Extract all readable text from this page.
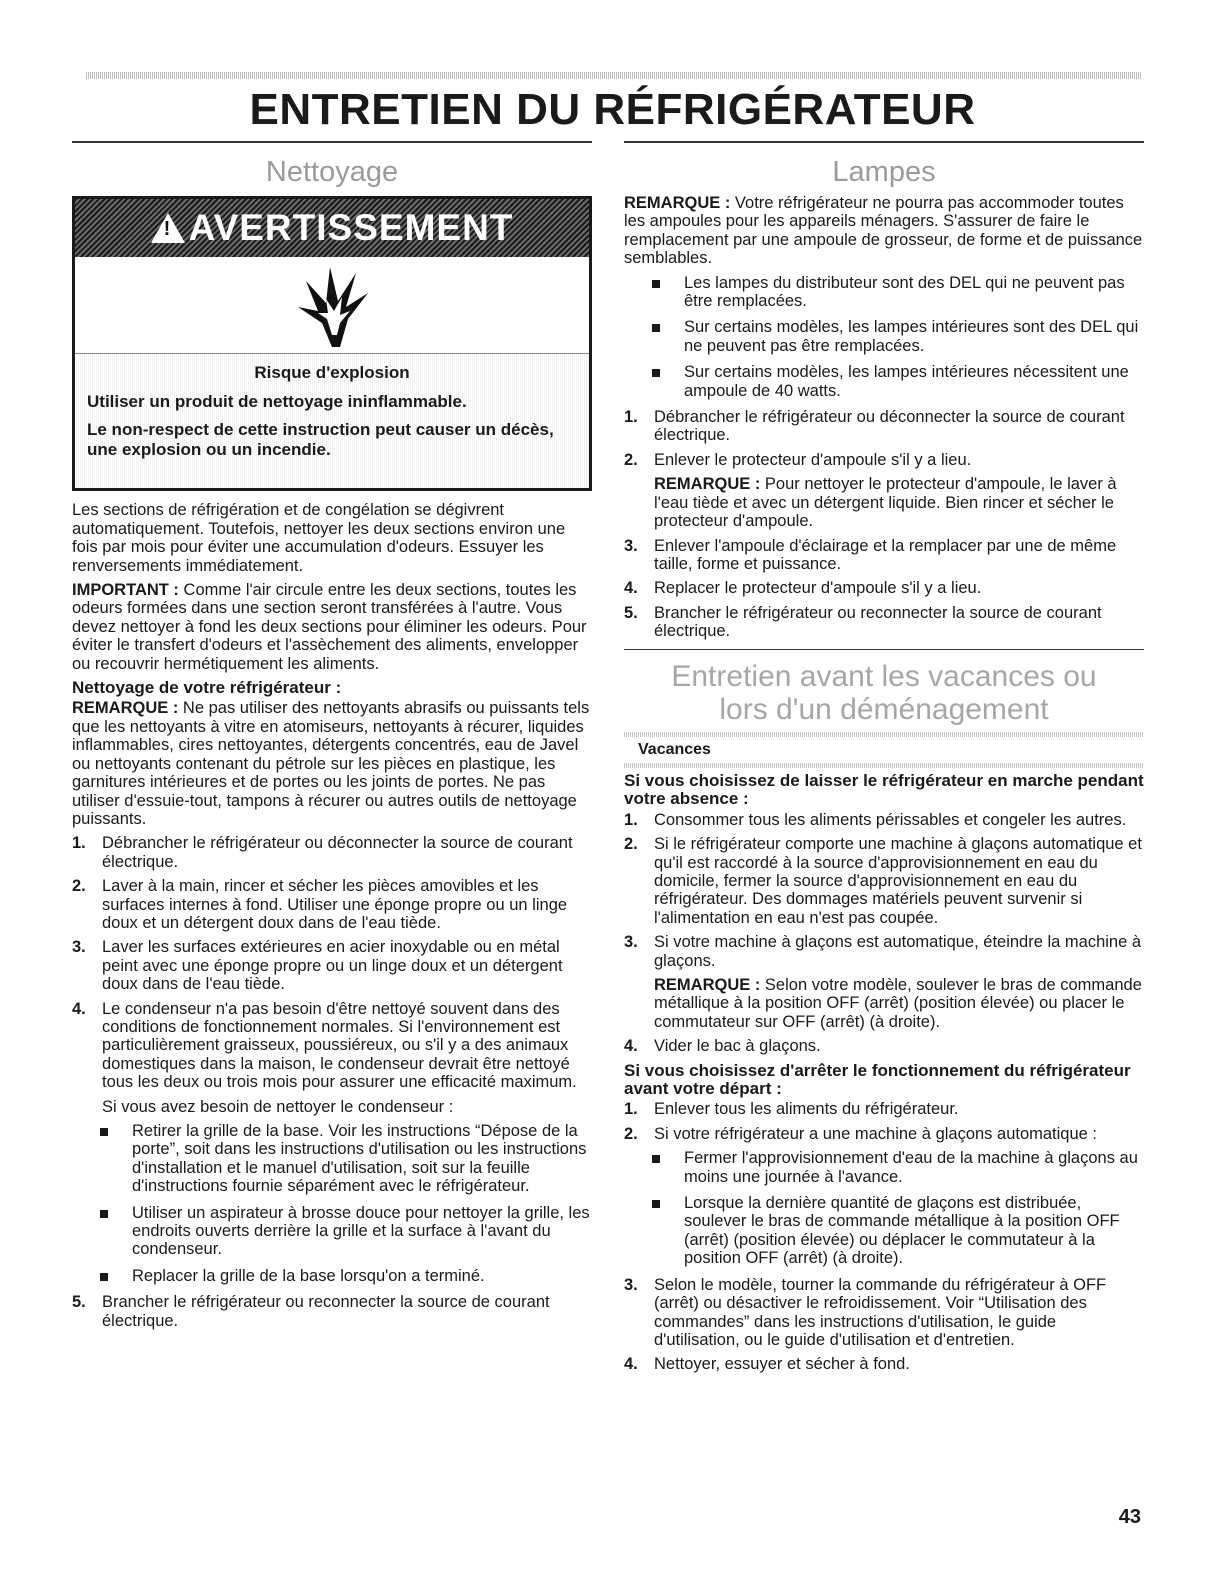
ENTRETIEN DU RÉFRIGÉRATEUR
Nettoyage
! AVERTISSEMENT
Risque d'explosion
Utiliser un produit de nettoyage ininflammable.
Le non-respect de cette instruction peut causer un décès, une explosion ou un incendie.

Les sections de réfrigération et de congélation se dégivrent automatiquement. Toutefois, nettoyer les deux sections environ une fois par mois pour éviter une accumulation d'odeurs. Essuyer les renversements immédiatement.

IMPORTANT : Comme l'air circule entre les deux sections, toutes les odeurs formées dans une section seront transférées à l'autre. Vous devez nettoyer à fond les deux sections pour éliminer les odeurs. Pour éviter le transfert d'odeurs et l'assèchement des aliments, envelopper ou recouvrir hermétiquement les aliments.

Nettoyage de votre réfrigérateur :

REMARQUE : Ne pas utiliser des nettoyants abrasifs ou puissants tels que les nettoyants à vitre en atomiseurs, nettoyants à récurer, liquides inflammables, cires nettoyantes, détergents concentrés, eau de Javel ou nettoyants contenant du pétrole sur les pièces en plastique, les garnitures intérieures et de portes ou les joints de portes. Ne pas utiliser d'essuie-tout, tampons à récurer ou autres outils de nettoyage puissants.

1. Débrancher le réfrigérateur ou déconnecter la source de courant électrique.
2. Laver à la main, rincer et sécher les pièces amovibles et les surfaces internes à fond. Utiliser une éponge propre ou un linge doux et un détergent doux dans de l'eau tiède.
3. Laver les surfaces extérieures en acier inoxydable ou en métal peint avec une éponge propre ou un linge doux et un détergent doux dans de l'eau tiède.
4. Le condenseur n'a pas besoin d'être nettoyé souvent dans des conditions de fonctionnement normales. Si l'environnement est particulièrement graisseux, poussiéreux, ou s'il y a des animaux domestiques dans la maison, le condenseur devrait être nettoyé tous les deux ou trois mois pour assurer une efficacité maximum.

Si vous avez besoin de nettoyer le condenseur :
Retirer la grille de la base. Voir les instructions “Dépose de la porte”, soit dans les instructions d'utilisation ou les instructions d'installation et le manuel d'utilisation, soit sur la feuille d'instructions fournie séparément avec le réfrigérateur.
Utiliser un aspirateur à brosse douce pour nettoyer la grille, les endroits ouverts derrière la grille et la surface à l'avant du condenseur.
Replacer la grille de la base lorsqu'on a terminé.
5. Brancher le réfrigérateur ou reconnecter la source de courant électrique.
Lampes

REMARQUE : Votre réfrigérateur ne pourra pas accommoder toutes les ampoules pour les appareils ménagers. S'assurer de faire le remplacement par une ampoule de grosseur, de forme et de puissance semblables.

Les lampes du distributeur sont des DEL qui ne peuvent pas être remplacées.
Sur certains modèles, les lampes intérieures sont des DEL qui ne peuvent pas être remplacées.
Sur certains modèles, les lampes intérieures nécessitent une ampoule de 40 watts.
1. Débrancher le réfrigérateur ou déconnecter la source de courant électrique.
2. Enlever le protecteur d'ampoule s'il y a lieu.
REMARQUE : Pour nettoyer le protecteur d'ampoule, le laver à l'eau tiède et avec un détergent liquide. Bien rincer et sécher le protecteur d'ampoule.
3. Enlever l'ampoule d'éclairage et la remplacer par une de même taille, forme et puissance.
4. Replacer le protecteur d'ampoule s'il y a lieu.
5. Brancher le réfrigérateur ou reconnecter la source de courant électrique.
Entretien avant les vacances ou
lors d'un déménagement
Vacances
Si vous choisissez de laisser le réfrigérateur en marche pendant votre absence :
1. Consommer tous les aliments périssables et congeler les autres.
2. Si le réfrigérateur comporte une machine à glaçons automatique et qu'il est raccordé à la source d'approvisionnement en eau du domicile, fermer la source d'approvisionnement en eau du réfrigérateur. Des dommages matériels peuvent survenir si l'alimentation en eau n'est pas coupée.
3. Si votre machine à glaçons est automatique, éteindre la machine à glaçons.
REMARQUE : Selon votre modèle, soulever le bras de commande métallique à la position OFF (arrêt) (position élevée) ou placer le commutateur sur OFF (arrêt) (à droite).
4. Vider le bac à glaçons.
Si vous choisissez d'arrêter le fonctionnement du réfrigérateur avant votre départ :
1. Enlever tous les aliments du réfrigérateur.
2. Si votre réfrigérateur a une machine à glaçons automatique :
Fermer l'approvisionnement d'eau de la machine à glaçons au moins une journée à l'avance.
Lorsque la dernière quantité de glaçons est distribuée, soulever le bras de commande métallique à la position OFF (arrêt) (position élevée) ou déplacer le commutateur à la position OFF (arrêt) (à droite).
3. Selon le modèle, tourner la commande du réfrigérateur à OFF (arrêt) ou désactiver le refroidissement. Voir “Utilisation des commandes” dans les instructions d'utilisation, le guide d'utilisation, ou le guide d'utilisation et d'entretien.
4. Nettoyer, essuyer et sécher à fond.
43
